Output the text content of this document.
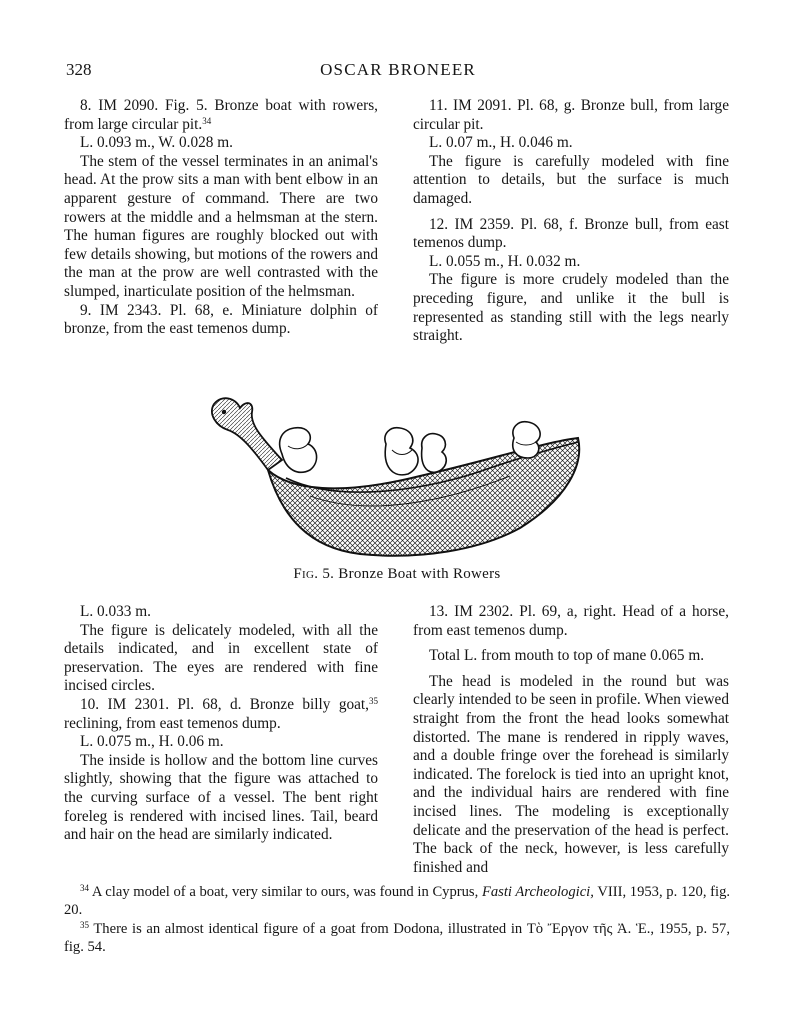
328	OSCAR BRONEER

8. IM 2090. Fig. 5. Bronze boat with rowers, from large circular pit.$^{34}$

L. 0.093 m., W. 0.028 m.

The stem of the vessel terminates in an animal's head. At the prow sits a man with bent elbow in an apparent gesture of command. There are two rowers at the middle and a helmsman at the stern. The human figures are roughly blocked out with few details showing, but motions of the rowers and the man at the prow are well contrasted with the slumped, inarticulate position of the helmsman.

9. IM 2343. Pl. 68, e. Miniature dolphin of bronze, from the east temenos dump.

11. IM 2091. Pl. 68, g. Bronze bull, from large circular pit.

L. 0.07 m., H. 0.046 m.

The figure is carefully modeled with fine attention to details, but the surface is much damaged.

12. IM 2359. Pl. 68, f. Bronze bull, from east temenos dump.

L. 0.055 m., H. 0.032 m.

The figure is more crudely modeled than the preceding figure, and unlike it the bull is represented as standing still with the legs nearly straight.

Fig. 5. Bronze Boat with Rowers

L. 0.033 m.

The figure is delicately modeled, with all the details indicated, and in excellent state of preservation. The eyes are rendered with fine incised circles.

10. IM 2301. Pl. 68, d. Bronze billy goat,$^{35}$ reclining, from east temenos dump.

L. 0.075 m., H. 0.06 m.

The inside is hollow and the bottom line curves slightly, showing that the figure was attached to the curving surface of a vessel. The bent right foreleg is rendered with incised lines. Tail, beard and hair on the head are similarly indicated.

13. IM 2302. Pl. 69, a, right. Head of a horse, from east temenos dump.

Total L. from mouth to top of mane 0.065 m.

The head is modeled in the round but was clearly intended to be seen in profile. When viewed straight from the front the head looks somewhat distorted. The mane is rendered in ripply waves, and a double fringe over the forehead is similarly indicated. The forelock is tied into an upright knot, and the individual hairs are rendered with fine incised lines. The modeling is exceptionally delicate and the preservation of the head is perfect. The back of the neck, however, is less carefully finished and

$^{34}$ A clay model of a boat, very similar to ours, was found in Cyprus, Fasti Archeologici, VIII, 1953, p. 120, fig. 20.

$^{35}$ There is an almost identical figure of a goat from Dodona, illustrated in Τὸ Ἔργον τῆς Ἀ. Ἑ., 1955, p. 57, fig. 54.
